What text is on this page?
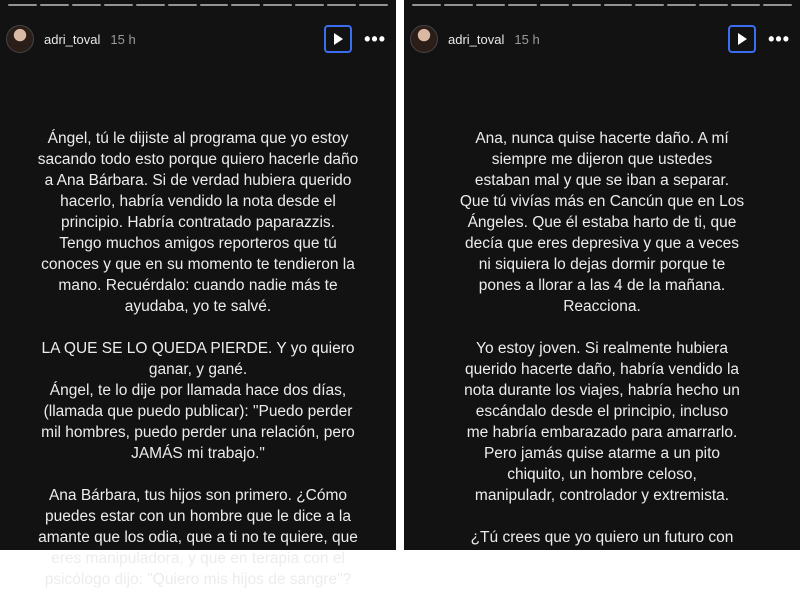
adri_toval 15 h	•••
Ángel, tú le dijiste al programa que yo estoy
sacando todo esto porque quiero hacerle daño
a Ana Bárbara. Si de verdad hubiera querido
hacerlo, habría vendido la nota desde el
principio. Habría contratado paparazzis.
Tengo muchos amigos reporteros que tú
conoces y que en su momento te tendieron la
mano. Recuérdalo: cuando nadie más te
ayudaba, yo te salvé.
LA QUE SE LO QUEDA PIERDE. Y yo quiero
ganar, y gané.
Ángel, te lo dije por llamada hace dos días,
(llamada que puedo publicar): "Puedo perder
mil hombres, puedo perder una relación, pero
JAMÁS mi trabajo."
Ana Bárbara, tus hijos son primero. ¿Cómo
puedes estar con un hombre que le dice a la
amante que los odia, que a ti no te quiere, que
eres manipuladora, y que en terapia con el
psicólogo dijo: "Quiero mis hijos de sangre"?
adri_toval 15 h	•••
Ana, nunca quise hacerte daño. A mí
siempre me dijeron que ustedes
estaban mal y que se iban a separar.
Que tú vivías más en Cancún que en Los
Ángeles. Que él estaba harto de ti, que
decía que eres depresiva y que a veces
ni siquiera lo dejas dormir porque te
pones a llorar a las 4 de la mañana.
Reacciona.
Yo estoy joven. Si realmente hubiera
querido hacerte daño, habría vendido la
nota durante los viajes, habría hecho un
escándalo desde el principio, incluso
me habría embarazado para amarrarlo.
Pero jamás quise atarme a un pito
chiquito, un hombre celoso,
manipuladr, controlador y extremista.
¿Tú crees que yo quiero un futuro con
